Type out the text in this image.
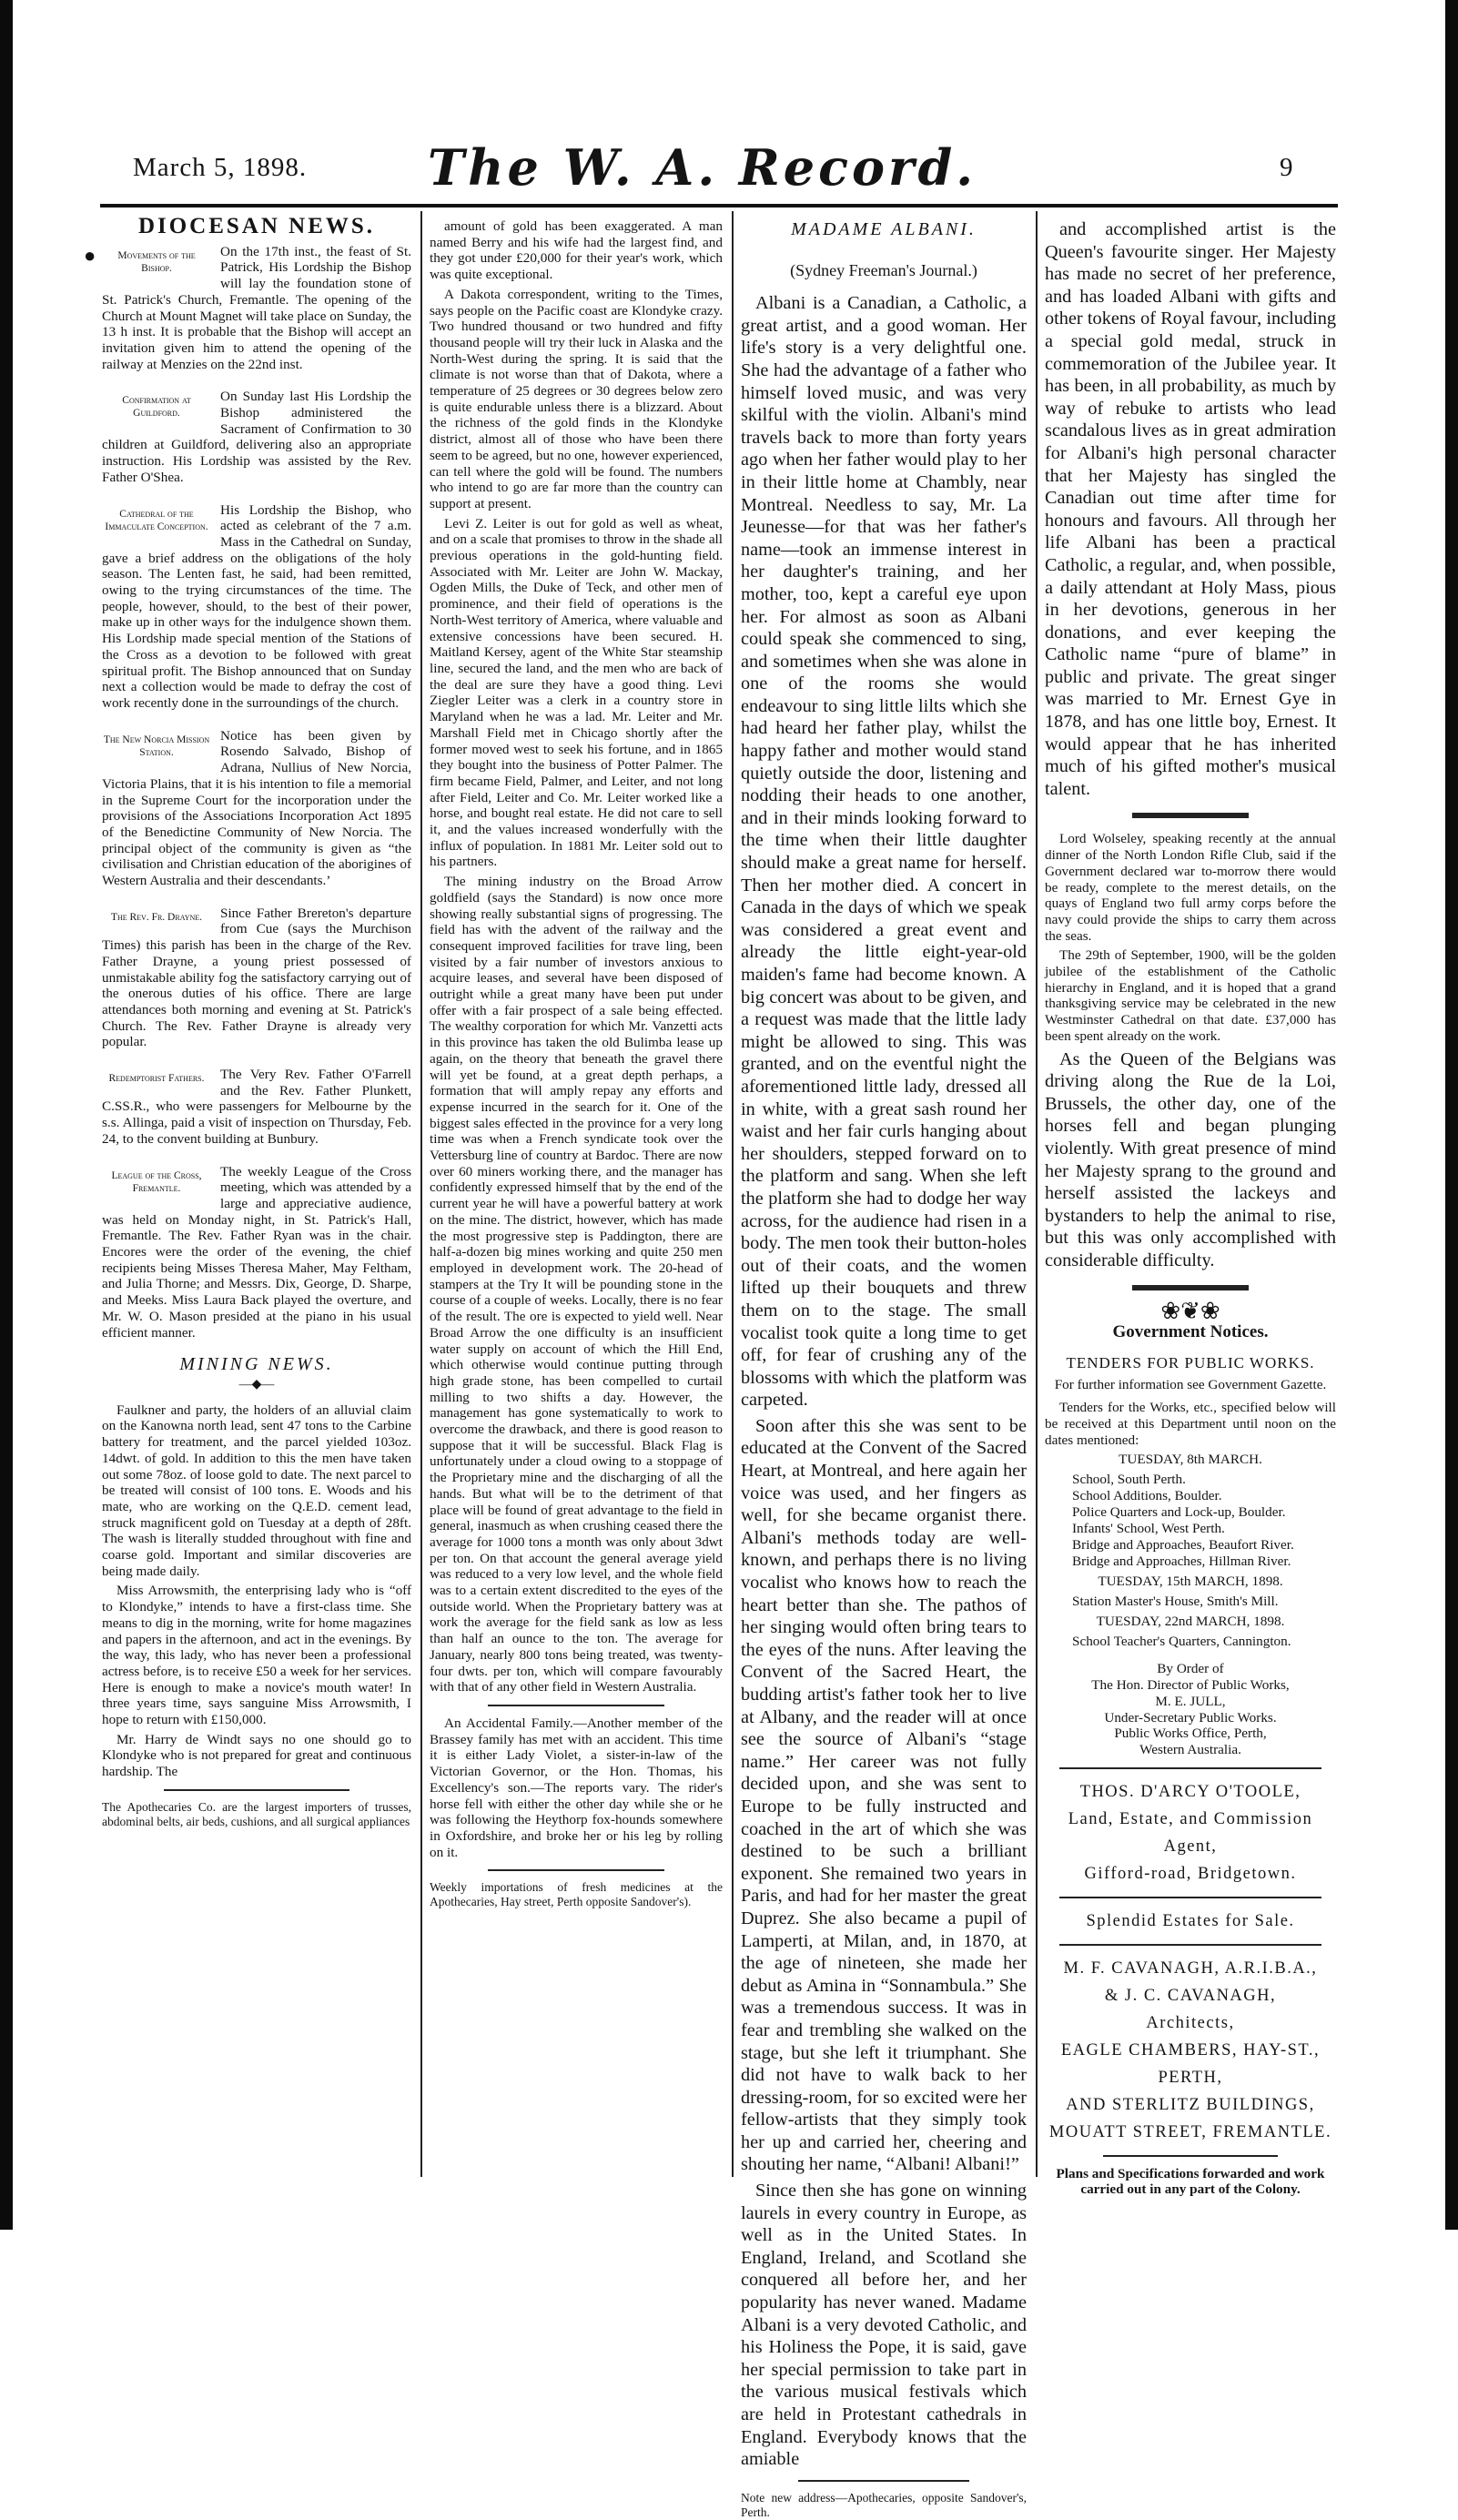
March 5, 1898. The W. A. Record.	9
●
DIOCESAN NEWS.
Movements of the Bishop.
On the 17th inst., the feast of St. Patrick, His Lordship the Bishop will lay the foundation stone of St. Patrick's Church, Fremantle. The opening of the Church at Mount Magnet will take place on Sunday, the 13 h inst. It is probable that the Bishop will accept an invitation given him to attend the opening of the railway at Menzies on the 22nd inst.
Confirmation at Guildford.
On Sunday last His Lordship the Bishop administered the Sacrament of Confirmation to 30 children at Guildford, delivering also an appropriate instruction. His Lordship was assisted by the Rev. Father O'Shea.
Cathedral of the Immaculate Conception.
His Lordship the Bishop, who acted as celebrant of the 7 a.m. Mass in the Cathedral on Sunday, gave a brief address on the obligations of the holy season. The Lenten fast, he said, had been remitted, owing to the trying circumstances of the time. The people, however, should, to the best of their power, make up in other ways for the indulgence shown them. His Lordship made special mention of the Stations of the Cross as a devotion to be followed with great spiritual profit. The Bishop announced that on Sunday next a collection would be made to defray the cost of work recently done in the surroundings of the church.
The New Norcia Mission Station.
Notice has been given by Rosendo Salvado, Bishop of Adrana, Nullius of New Norcia, Victoria Plains, that it is his intention to file a memorial in the Supreme Court for the incorporation under the provisions of the Associations Incorporation Act 1895 of the Benedictine Community of New Norcia. The principal object of the community is given as “the civilisation and Christian education of the aborigines of Western Australia and their descendants.’
The Rev. Fr. Drayne.	Since Father Brereton's departure from Cue (says the Murchison Times) this parish has been in the charge of the Rev. Father Drayne, a young priest possessed of unmistakable ability fog the satisfactory carrying out of the onerous duties of his office. There are large attendances both morning and evening at St. Patrick's Church. The Rev. Father Drayne is already very popular.
Redemptorist Fathers.	The Very Rev. Father O'Farrell and the Rev. Father Plunkett, C.SS.R., who were passengers for Melbourne by the s.s. Allinga, paid a visit of inspection on Thursday, Feb. 24, to the convent building at Bunbury.
League of the Cross, Fremantle.
The weekly League of the Cross meeting, which was attended by a large and appreciative audience, was held on Monday night, in St. Patrick's Hall, Fremantle. The Rev. Father Ryan was in the chair. Encores were the order of the evening, the chief recipients being Misses Theresa Maher, May Feltham, and Julia Thorne; and Messrs. Dix, George, D. Sharpe, and Meeks. Miss Laura Back played the overture, and Mr. W. O. Mason presided at the piano in his usual efficient manner.
MINING NEWS.
—◆—

Faulkner and party, the holders of an alluvial claim on the Kanowna north lead, sent 47 tons to the Carbine battery for treatment, and the parcel yielded 103oz. 14dwt. of gold. In addition to this the men have taken out some 78oz. of loose gold to date. The next parcel to be treated will consist of 100 tons. E. Woods and his mate, who are working on the Q.E.D. cement lead, struck magnificent gold on Tuesday at a depth of 28ft. The wash is literally studded throughout with fine and coarse gold. Important and similar discoveries are being made daily.

Miss Arrowsmith, the enterprising lady who is “off to Klondyke,” intends to have a first-class time. She means to dig in the morning, write for home magazines and papers in the afternoon, and act in the evenings. By the way, this lady, who has never been a professional actress before, is to receive £50 a week for her services. Here is enough to make a novice's mouth water! In three years time, says sanguine Miss Arrowsmith, I hope to return with £150,000.

Mr. Harry de Windt says no one should go to Klondyke who is not prepared for great and continuous hardship. The

The Apothecaries Co. are the largest importers of trusses, abdominal belts, air beds, cushions, and all surgical appliances

amount of gold has been exaggerated. A man named Berry and his wife had the largest find, and they got under £20,000 for their year's work, which was quite exceptional.

A Dakota correspondent, writing to the Times, says people on the Pacific coast are Klondyke crazy. Two hundred thousand or two hundred and fifty thousand people will try their luck in Alaska and the North-West during the spring. It is said that the climate is not worse than that of Dakota, where a temperature of 25 degrees or 30 degrees below zero is quite endurable unless there is a blizzard. About the richness of the gold finds in the Klondyke district, almost all of those who have been there seem to be agreed, but no one, however experienced, can tell where the gold will be found. The numbers who intend to go are far more than the country can support at present.

Levi Z. Leiter is out for gold as well as wheat, and on a scale that promises to throw in the shade all previous operations in the gold-hunting field. Associated with Mr. Leiter are John W. Mackay, Ogden Mills, the Duke of Teck, and other men of prominence, and their field of operations is the North-West territory of America, where valuable and extensive concessions have been secured. H. Maitland Kersey, agent of the White Star steamship line, secured the land, and the men who are back of the deal are sure they have a good thing. Levi Ziegler Leiter was a clerk in a country store in Maryland when he was a lad. Mr. Leiter and Mr. Marshall Field met in Chicago shortly after the former moved west to seek his fortune, and in 1865 they bought into the business of Potter Palmer. The firm became Field, Palmer, and Leiter, and not long after Field, Leiter and Co. Mr. Leiter worked like a horse, and bought real estate. He did not care to sell it, and the values increased wonderfully with the influx of population. In 1881 Mr. Leiter sold out to his partners.

The mining industry on the Broad Arrow goldfield (says the Standard) is now once more showing really substantial signs of progressing. The field has with the advent of the railway and the consequent improved facilities for trave ling, been visited by a fair number of investors anxious to acquire leases, and several have been disposed of outright while a great many have been put under offer with a fair prospect of a sale being effected. The wealthy corporation for which Mr. Vanzetti acts in this province has taken the old Bulimba lease up again, on the theory that beneath the gravel there will yet be found, at a great depth perhaps, a formation that will amply repay any efforts and expense incurred in the search for it. One of the biggest sales effected in the province for a very long time was when a French syndicate took over the Vettersburg line of country at Bardoc. There are now over 60 miners working there, and the manager has confidently expressed himself that by the end of the current year he will have a powerful battery at work on the mine. The district, however, which has made the most progressive step is Paddington, there are half-a-dozen big mines working and quite 250 men employed in development work. The 20-head of stampers at the Try It will be pounding stone in the course of a couple of weeks. Locally, there is no fear of the result. The ore is expected to yield well. Near Broad Arrow the one difficulty is an insufficient water supply on account of which the Hill End, which otherwise would continue putting through high grade stone, has been compelled to curtail milling to two shifts a day. However, the management has gone systematically to work to overcome the drawback, and there is good reason to suppose that it will be successful. Black Flag is unfortunately under a cloud owing to a stoppage of the Proprietary mine and the discharging of all the hands. But what will be to the detriment of that place will be found of great advantage to the field in general, inasmuch as when crushing ceased there the average for 1000 tons a month was only about 3dwt per ton. On that account the general average yield was reduced to a very low level, and the whole field was to a certain extent discredited to the eyes of the outside world. When the Proprietary battery was at work the average for the field sank as low as less than half an ounce to the ton. The average for January, nearly 800 tons being treated, was twenty-four dwts. per ton, which will compare favourably with that of any other field in Western Australia.

An Accidental Family.—Another member of the Brassey family has met with an accident. This time it is either Lady Violet, a sister-in-law of the Victorian Governor, or the Hon. Thomas, his Excellency's son.—The reports vary. The rider's horse fell with either the other day while she or he was following the Heythorp fox-hounds somewhere in Oxfordshire, and broke her or his leg by rolling on it.

Weekly importations of fresh medicines at the Apothecaries, Hay street, Perth opposite Sandover's).
MADAME ALBANI.
(Sydney Freeman's Journal.)

Albani is a Canadian, a Catholic, a great artist, and a good woman. Her life's story is a very delightful one. She had the advantage of a father who himself loved music, and was very skilful with the violin. Albani's mind travels back to more than forty years ago when her father would play to her in their little home at Chambly, near Montreal. Needless to say, Mr. La Jeunesse—for that was her father's name—took an immense interest in her daughter's training, and her mother, too, kept a careful eye upon her. For almost as soon as Albani could speak she commenced to sing, and sometimes when she was alone in one of the rooms she would endeavour to sing little lilts which she had heard her father play, whilst the happy father and mother would stand quietly outside the door, listening and nodding their heads to one another, and in their minds looking forward to the time when their little daughter should make a great name for herself. Then her mother died. A concert in Canada in the days of which we speak was considered a great event and already the little eight-year-old maiden's fame had become known. A big concert was about to be given, and a request was made that the little lady might be allowed to sing. This was granted, and on the eventful night the aforementioned little lady, dressed all in white, with a great sash round her waist and her fair curls hanging about her shoulders, stepped forward on to the platform and sang. When she left the platform she had to dodge her way across, for the audience had risen in a body. The men took their button-holes out of their coats, and the women lifted up their bouquets and threw them on to the stage. The small vocalist took quite a long time to get off, for fear of crushing any of the blossoms with which the platform was carpeted.

Soon after this she was sent to be educated at the Convent of the Sacred Heart, at Montreal, and here again her voice was used, and her fingers as well, for she became organist there. Albani's methods today are well-known, and perhaps there is no living vocalist who knows how to reach the heart better than she. The pathos of her singing would often bring tears to the eyes of the nuns. After leaving the Convent of the Sacred Heart, the budding artist's father took her to live at Albany, and the reader will at once see the source of Albani's “stage name.” Her career was not fully decided upon, and she was sent to Europe to be fully instructed and coached in the art of which she was destined to be such a brilliant exponent. She remained two years in Paris, and had for her master the great Duprez. She also became a pupil of Lamperti, at Milan, and, in 1870, at the age of nineteen, she made her debut as Amina in “Sonnambula.” She was a tremendous success. It was in fear and trembling she walked on the stage, but she left it triumphant. She did not have to walk back to her dressing-room, for so excited were her fellow-artists that they simply took her up and carried her, cheering and shouting her name, “Albani! Albani!”

Since then she has gone on winning laurels in every country in Europe, as well as in the United States. In England, Ireland, and Scotland she conquered all before her, and her popularity has never waned. Madame Albani is a very devoted Catholic, and his Holiness the Pope, it is said, gave her special permission to take part in the various musical festivals which are held in Protestant cathedrals in England. Everybody knows that the amiable

Note new address—Apothecaries, opposite Sandover's, Perth.

and accomplished artist is the Queen's favourite singer. Her Majesty has made no secret of her preference, and has loaded Albani with gifts and other tokens of Royal favour, including a special gold medal, struck in commemoration of the Jubilee year. It has been, in all probability, as much by way of rebuke to artists who lead scandalous lives as in great admiration for Albani's high personal character that her Majesty has singled the Canadian out time after time for honours and favours. All through her life Albani has been a practical Catholic, a regular, and, when possible, a daily attendant at Holy Mass, pious in her devotions, generous in her donations, and ever keeping the Catholic name “pure of blame” in public and private. The great singer was married to Mr. Ernest Gye in 1878, and has one little boy, Ernest. It would appear that he has inherited much of his gifted mother's musical talent.

Lord Wolseley, speaking recently at the annual dinner of the North London Rifle Club, said if the Government declared war to-morrow there would be ready, complete to the merest details, on the quays of England two full army corps before the navy could provide the ships to carry them across the seas.

The 29th of September, 1900, will be the golden jubilee of the establishment of the Catholic hierarchy in England, and it is hoped that a grand thanksgiving service may be celebrated in the new Westminster Cathedral on that date. £37,000 has been spent already on the work.

As the Queen of the Belgians was driving along the Rue de la Loi, Brussels, the other day, one of the horses fell and began plunging violently. With great presence of mind her Majesty sprang to the ground and herself assisted the lackeys and bystanders to help the animal to rise, but this was only accomplished with considerable difficulty.

❀❦❀
Government Notices.
TENDERS FOR PUBLIC WORKS.
For further information see Government Gazette.

Tenders for the Works, etc., specified below will be received at this Department until noon on the dates mentioned:

TUESDAY, 8th MARCH.
School, South Perth.
School Additions, Boulder.
Police Quarters and Lock-up, Boulder.
Infants' School, West Perth.
Bridge and Approaches, Beaufort River.
Bridge and Approaches, Hillman River.
TUESDAY, 15th MARCH, 1898.
Station Master's House, Smith's Mill.
TUESDAY, 22nd MARCH, 1898.
School Teacher's Quarters, Cannington.
By Order of
The Hon. Director of Public Works,
M. E. JULL,
Under-Secretary Public Works.
Public Works Office, Perth,
Western Australia.
THOS. D'ARCY O'TOOLE,
Land, Estate, and Commission
Agent,
Gifford-road, Bridgetown.
Splendid Estates for Sale.
M. F. CAVANAGH, A.R.I.B.A.,
& J. C. CAVANAGH,
Architects,
EAGLE CHAMBERS, HAY-ST.,
PERTH,
AND STERLITZ BUILDINGS, MOUATT STREET, FREMANTLE.
Plans and Specifications forwarded and work carried out in any part of the Colony.
